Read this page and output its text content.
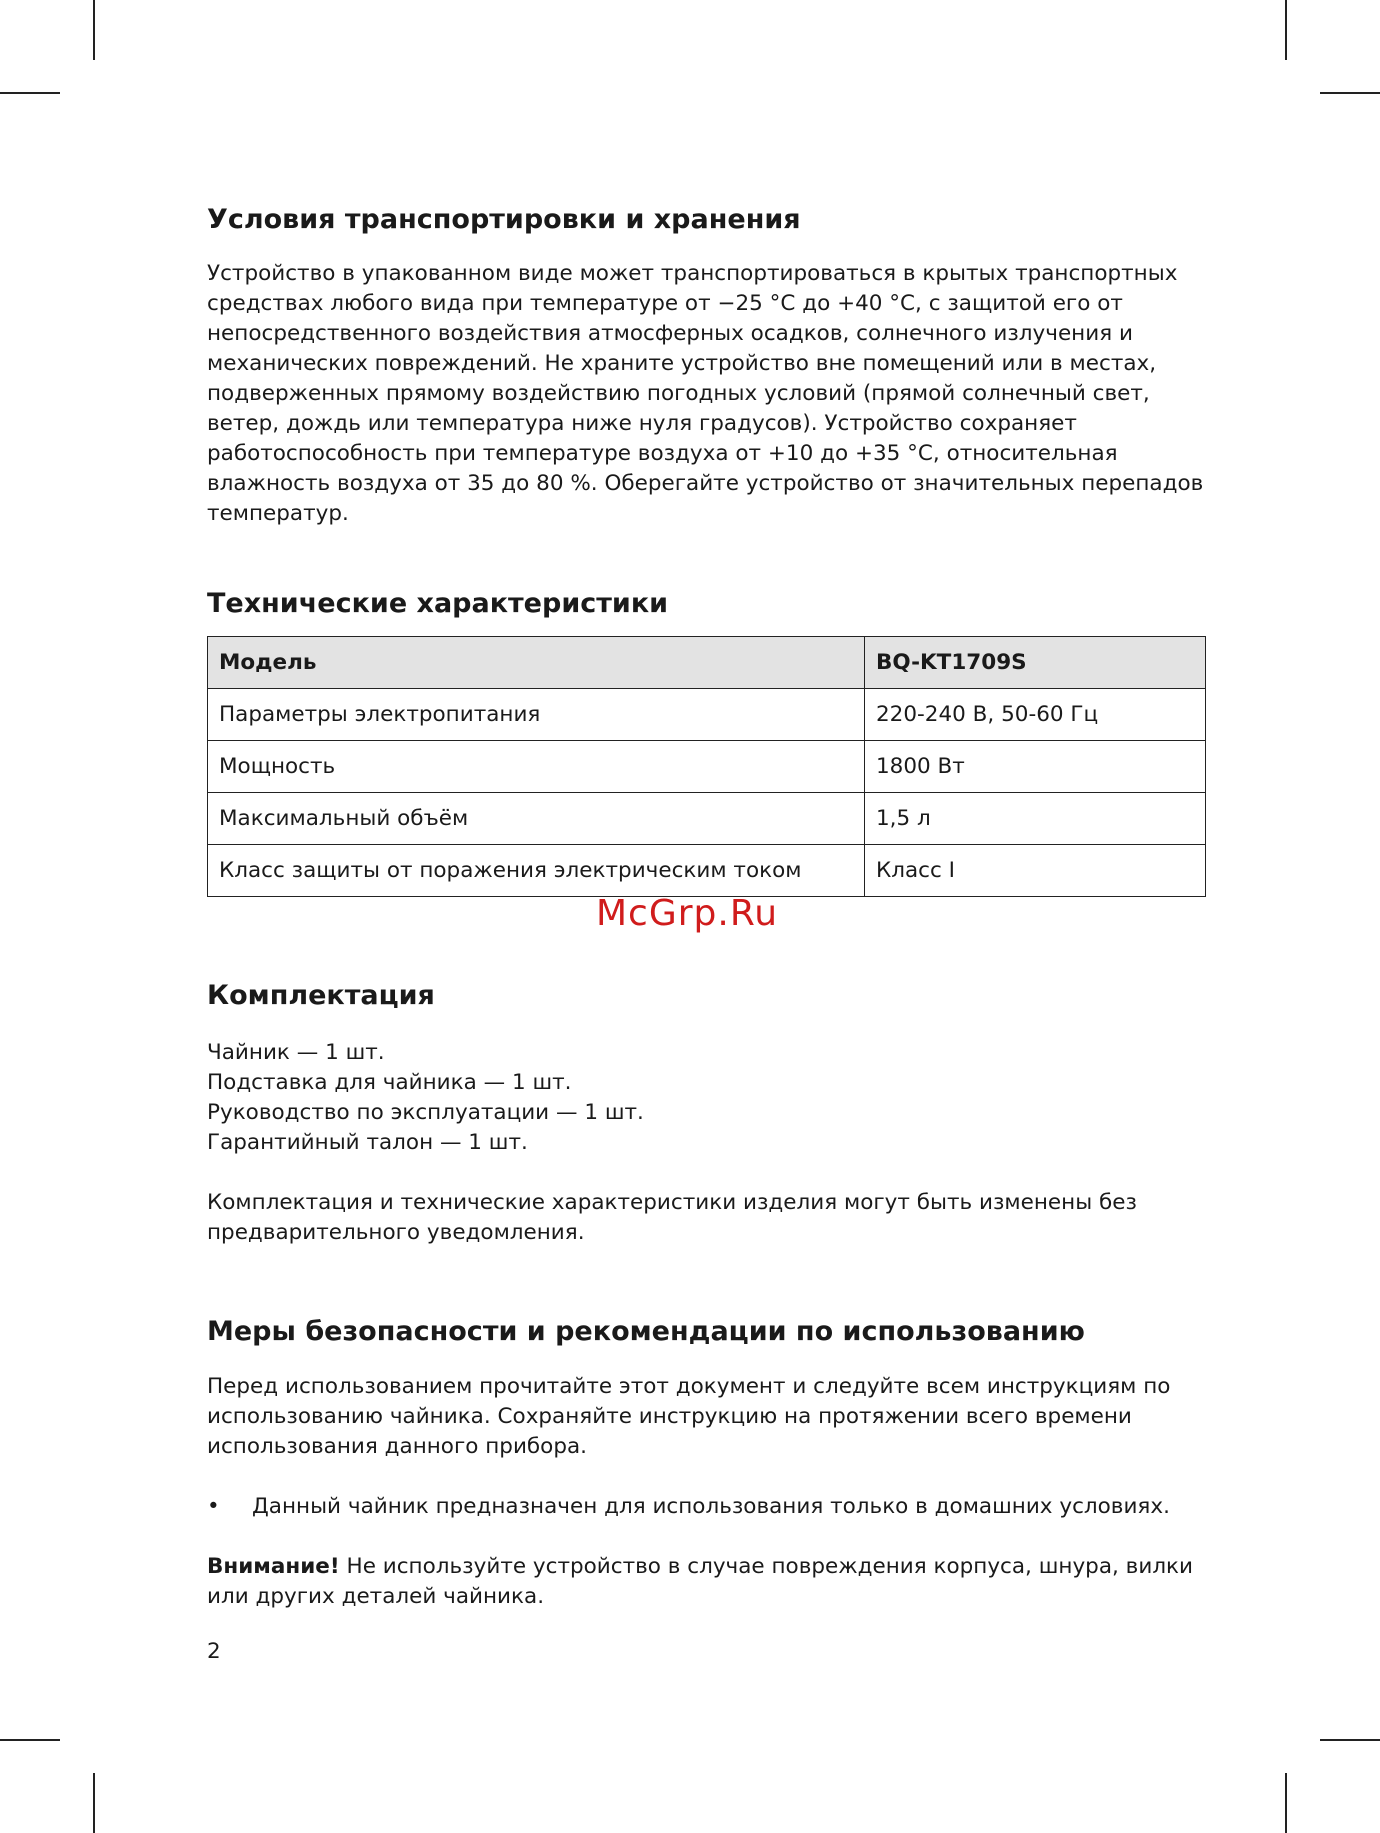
Условия транспортировки и хранения

Устройство в упакованном виде может транспортироваться в крытых транспортных средствах любого вида при температуре от −25 °С до +40 °С, с защитой его от непосредственного воздействия атмосферных осадков, солнечного излучения и механических повреждений. Не храните устройство вне помещений или в местах, подверженных прямому воздействию погодных условий (прямой солнечный свет, ветер, дождь или температура ниже нуля градусов). Устройство сохраняет работоспособность при температуре воздуха от +10 до +35 °С, относительная влажность воздуха от 35 до 80 %. Оберегайте устройство от значительных перепадов температур.

Технические характеристики
Модель	BQ-KT1709S
Параметры электропитания	220-240 В, 50-60 Гц
Мощность	1800 Вт
Максимальный объём	1,5 л
Класс защиты от поражения электрическим током	Класс I
Комплектация
Чайник — 1 шт.
Подставка для чайника — 1 шт.
Руководство по эксплуатации — 1 шт.
Гарантийный талон — 1 шт.

Комплектация и технические характеристики изделия могут быть изменены без предварительного уведомления.

Меры безопасности и рекомендации по использованию

Перед использованием прочитайте этот документ и следуйте всем инструкциям по использованию чайника. Сохраняйте инструкцию на протяжении всего времени использования данного прибора.

• Данный чайник предназначен для использования только в домашних условиях.

Внимание! Не используйте устройство в случае повреждения корпуса, шнура, вилки или других деталей чайника.

McGrp.Ru
2
